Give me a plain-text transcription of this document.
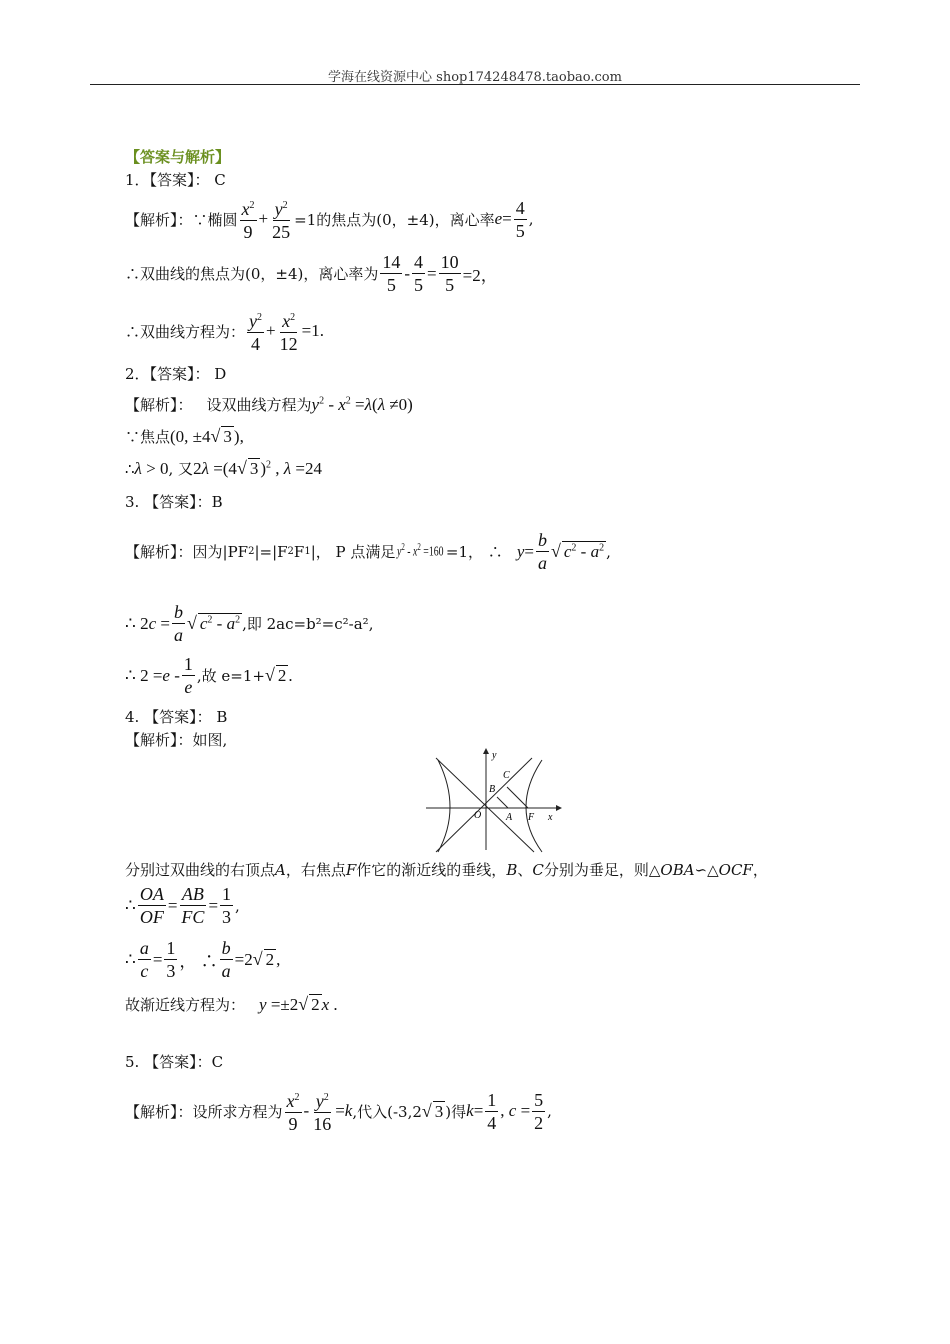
学海在线资源中心 shop174248478.taobao.com
【答案与解析】
1．【答案】： C
【解析】： ∵椭圆 $\frac{x^2}{9} + \frac{y^2}{25} =1$的焦点为(0，±4)，离心率 $e= \frac{4}{5}$ ,
∴双曲线的焦点为(0，±4)，离心率为 $\frac{14}{5} - \frac{4}{5} = \frac{10}{5} =2$，
∴双曲线方程为： $\frac{y^2}{4} + \frac{x^2}{12} =1$.
2．【答案】： D
【解析】： 设双曲线方程为 $y^2 - x^2 =\lambda(\lambda \ne 0)$
∵焦点 (0, ±4√ 3 ),
∴ λ > 0 , 又 2λ =(4√ 3 )$^2$ , λ = 24
3. 【答案】：B
【解析】： 因为|PF 2 |=|F 2 F 1 |， P 点满足 $y^2 - x^2 =160 =1$， ∴ $y = \frac{b}{a}$ √ $c^2 - a^2$ ,
∴ $2c = \frac{b}{a}$ √ $c^2 - a^2$ ,即 2ac=b²=c²-a²,
∴ $2 =e - \frac{1}{e}$ ,故 e=1+ √ 2 .
4. 【答案】： B
【解析】： 如图,
y
x
O A F
B
C
分别过双曲线的右顶点 A ，右焦点 F 作它的渐近线的垂线， B 、 C 分别为垂足，则△ OBA ∽△ OCF ，
∴ $\frac{OA}{OF} = \frac{AB}{FC} = \frac{1}{3}$ ,
∴ $\frac{a}{c} = \frac{1}{3}$ ， ∴ $\frac{b}{a} =2√$ 2 ,
故渐近线方程为： y =±2√ 2 x .
5. 【答案】：C
【解析】： 设所求方程为 $\frac{x^2}{9} - \frac{y^2}{16} =k$ ,代入(-3,2 √ 3 )得 $k = \frac{1}{4}$ , $c = \frac{5}{2}$ ,
